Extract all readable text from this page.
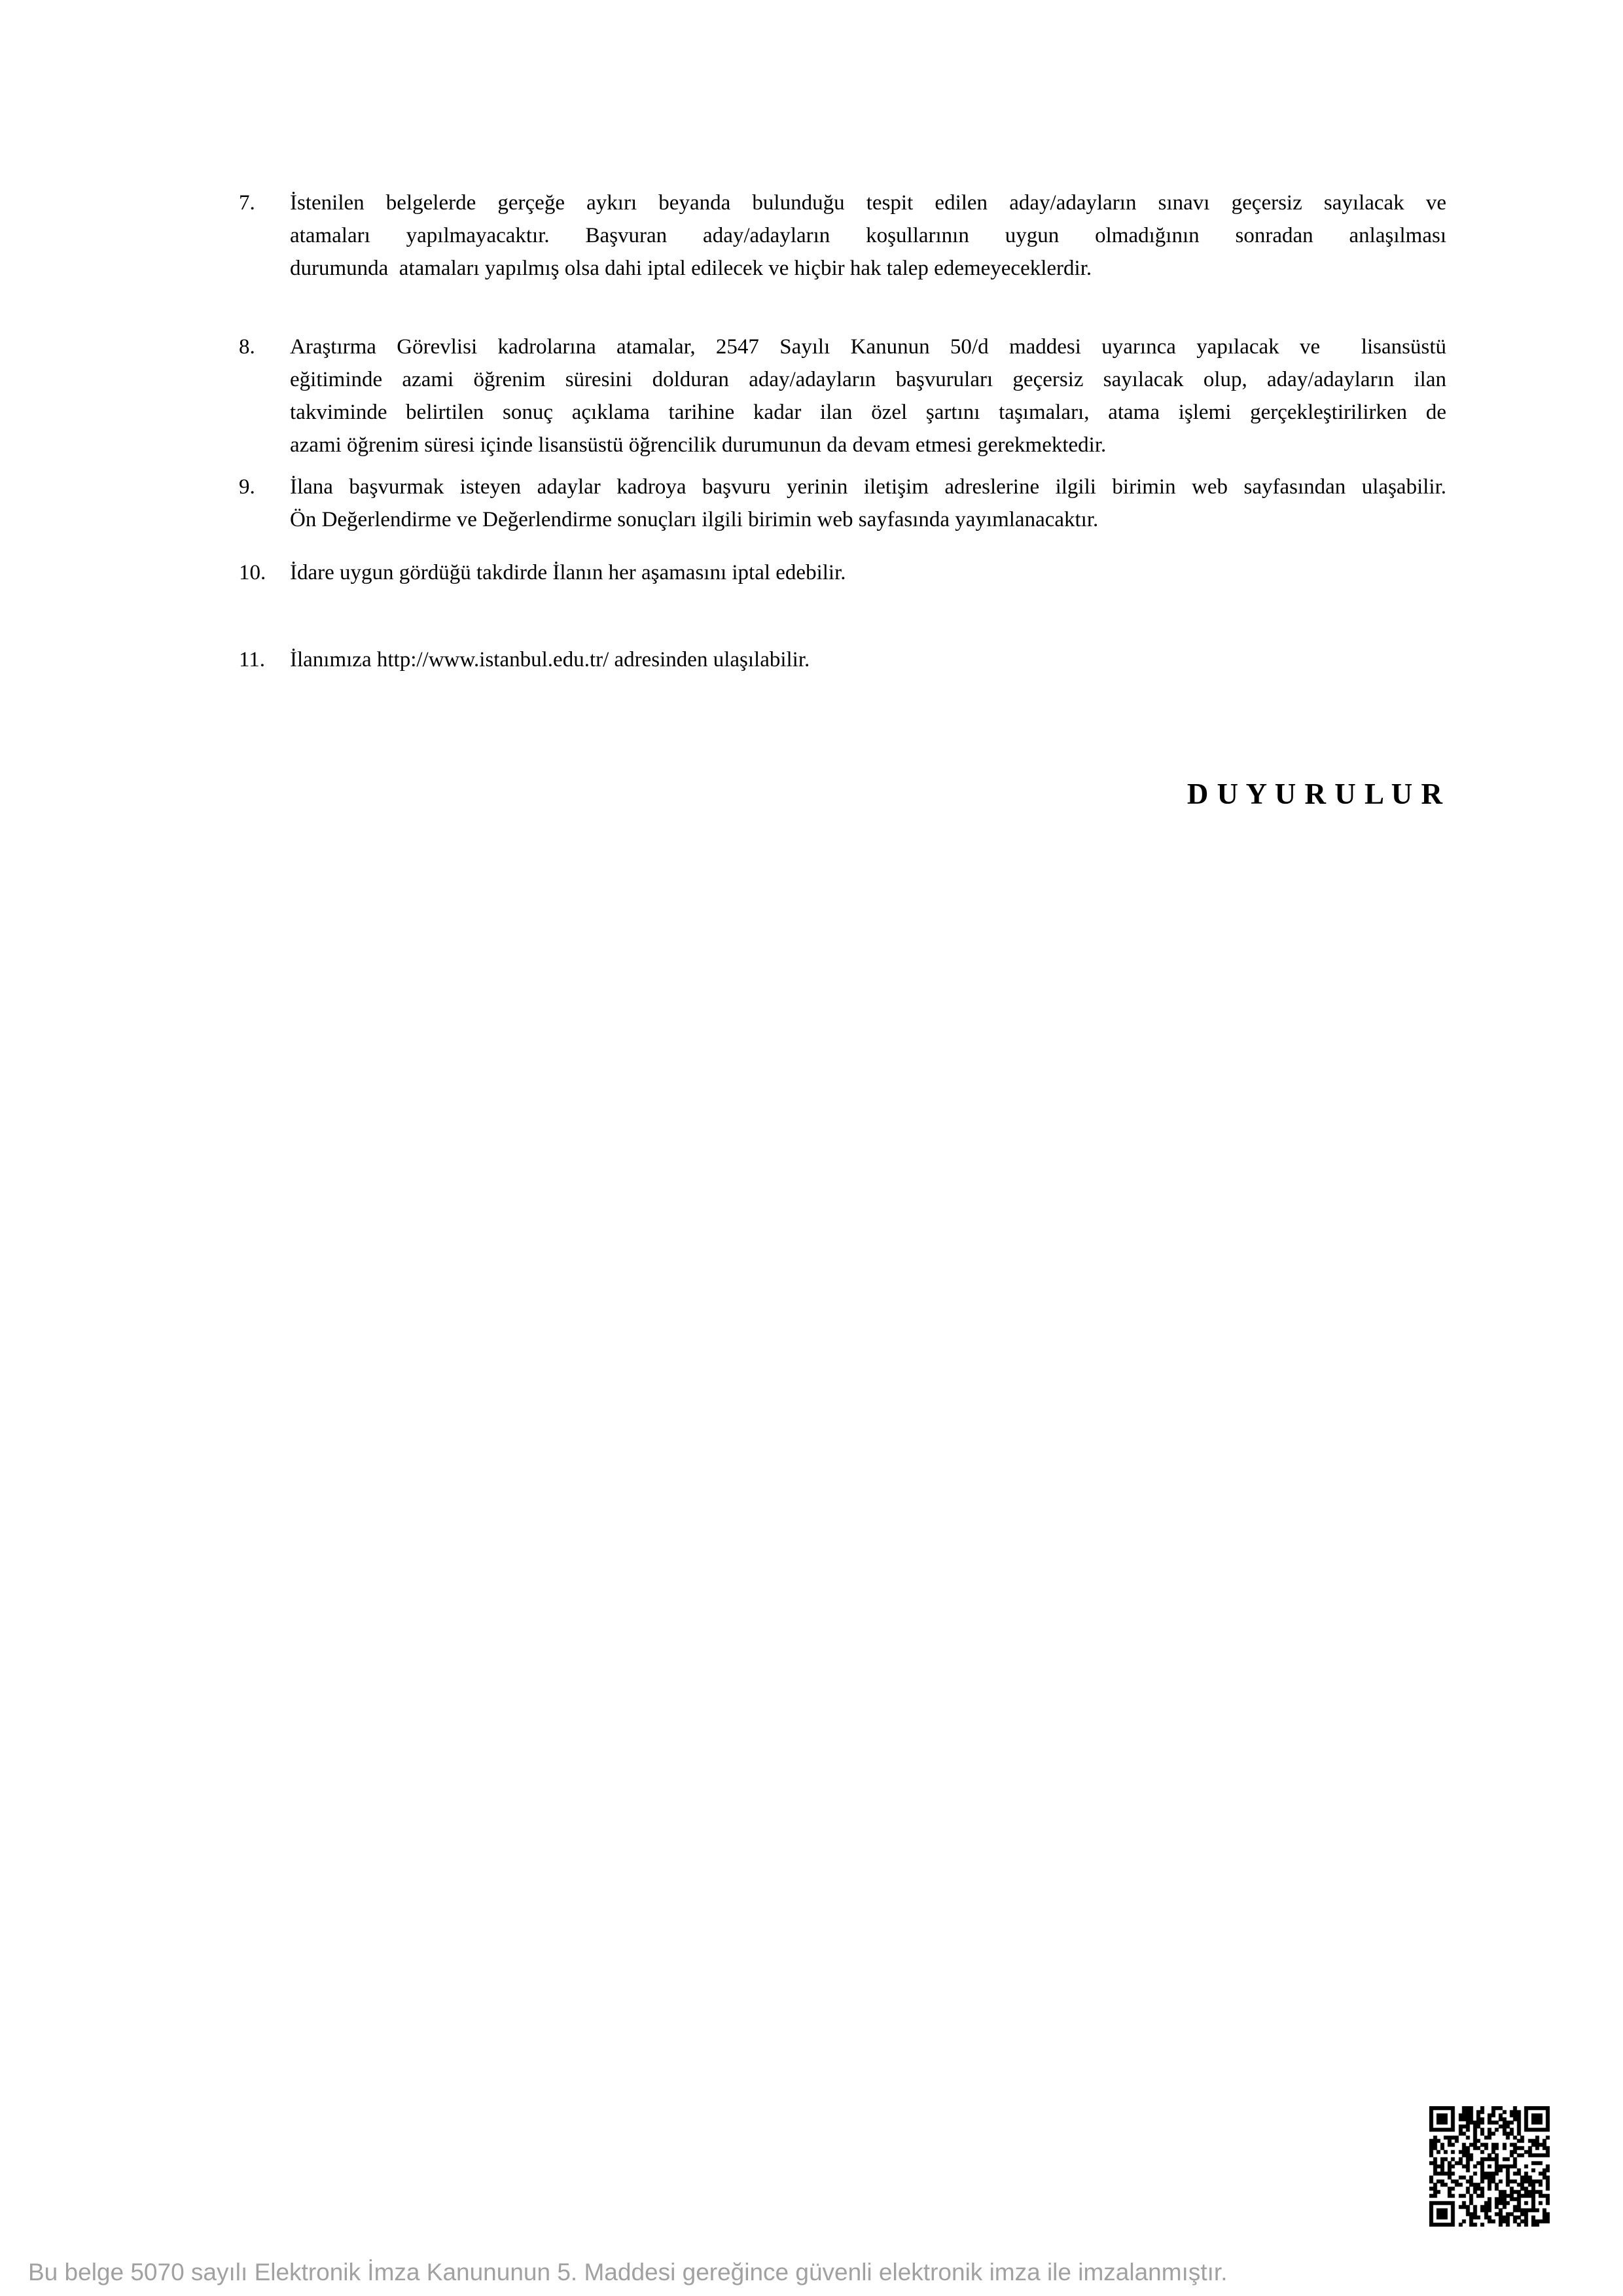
7. İstenilen belgelerde gerçeğe aykırı beyanda bulunduğu tespit edilen aday/adayların sınavı geçersiz sayılacak ve
atamaları yapılmayacaktır. Başvuran aday/adayların koşullarının uygun olmadığının sonradan anlaşılması
durumunda  atamaları yapılmış olsa dahi iptal edilecek ve hiçbir hak talep edemeyeceklerdir.
8. Araştırma Görevlisi kadrolarına atamalar, 2547 Sayılı Kanunun 50/d maddesi uyarınca yapılacak ve  lisansüstü
eğitiminde azami öğrenim süresini dolduran aday/adayların başvuruları geçersiz sayılacak olup, aday/adayların ilan
takviminde belirtilen sonuç açıklama tarihine kadar ilan özel şartını taşımaları, atama işlemi gerçekleştirilirken de
azami öğrenim süresi içinde lisansüstü öğrencilik durumunun da devam etmesi gerekmektedir.
9. İlana başvurmak isteyen adaylar kadroya başvuru yerinin iletişim adreslerine ilgili birimin web sayfasından ulaşabilir.
Ön Değerlendirme ve Değerlendirme sonuçları ilgili birimin web sayfasında yayımlanacaktır.
10. İdare uygun gördüğü takdirde İlanın her aşamasını iptal edebilir.
11. İlanımıza http://www.istanbul.edu.tr/ adresinden ulaşılabilir.
D U Y U R U L U R
Bu belge 5070 sayılı Elektronik İmza Kanununun 5. Maddesi gereğince güvenli elektronik imza ile imzalanmıştır.
